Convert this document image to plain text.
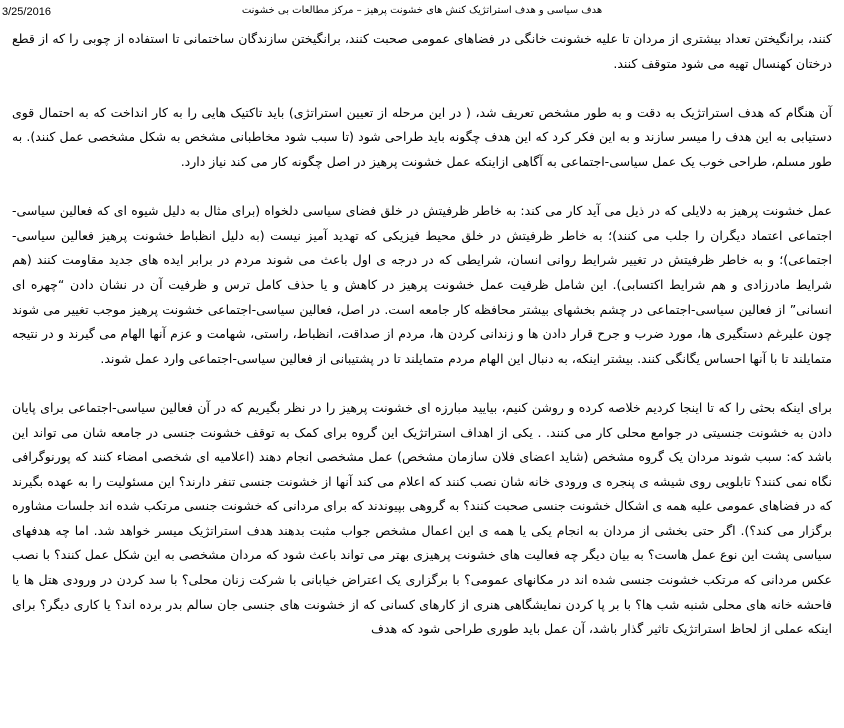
3/25/2016	هدف سیاسی و هدف استراتژیک کنش های خشونت پرهیز – مرکز مطالعات بی خشونت

کنند، برانگیختن تعداد بیشتری از مردان تا علیه خشونت خانگی در فضاهای عمومی صحبت کنند، برانگیختن سازندگان ساختمانی تا استفاده از چوبی را که از قطع درختان کهنسال تهیه می شود متوقف کنند.

آن هنگام که هدف استراتژیک به دقت و به طور مشخص تعریف شد، ( در این مرحله از تعیین استراتژی) باید تاکتیک هایی را به کار انداخت که به احتمال قوی دستیابی به این هدف را میسر سازند و به این فکر کرد که این هدف چگونه باید طراحی شود (تا سبب شود مخاطبانی مشخص به شکل مشخصی عمل کنند). به طور مسلم، طراحی خوب یک عمل سیاسی-اجتماعی به آگاهی ازاینکه عمل خشونت پرهیز در اصل چگونه کار می کند نیاز دارد.

عمل خشونت پرهیز به دلایلی که در ذیل می آید کار می کند: به خاطر ظرفیتش در خلق فضای سیاسی دلخواه (برای مثال به دلیل شیوه ای که فعالین سیاسی-اجتماعی اعتماد دیگران را جلب می کنند)؛ به خاطر ظرفیتش در خلق محیط فیزیکی که تهدید آمیز نیست (به دلیل انظباط خشونت پرهیز فعالین سیاسی-اجتماعی)؛ و به خاطر ظرفیتش در تغییر شرایط روانی انسان، شرایطی که در درجه ی اول باعث می شوند مردم در برابر ایده های جدید مقاومت کنند (هم شرایط مادرزادی و هم شرایط اکتسابی). این شامل ظرفیت عمل خشونت پرهیز در کاهش و یا حذف کامل ترس و ظرفیت آن در نشان دادن “چهره ای انسانی” از فعالین سیاسی-اجتماعی در چشم بخشهای بیشتر محافظه کار جامعه است. در اصل، فعالین سیاسی-اجتماعی خشونت پرهیز موجب تغییر می شوند چون علیرغم دستگیری ها، مورد ضرب و جرح قرار دادن ها و زندانی کردن ها، مردم از صداقت، انظباط، راستی، شهامت و عزم آنها الهام می گیرند و در نتیجه متمایلند تا با آنها احساس یگانگی کنند. بیشتر اینکه، به دنبال این الهام مردم متمایلند تا در پشتیبانی از فعالین سیاسی-اجتماعی وارد عمل شوند.

برای اینکه بحثی را که تا اینجا کردیم خلاصه کرده و روشن کنیم، بیایید مبارزه ای خشونت پرهیز را در نظر بگیریم که در آن فعالین سیاسی-اجتماعی برای پایان دادن به خشونت جنسیتی در جوامع محلی کار می کنند. . یکی از اهداف استراتژیک این گروه برای کمک به توقف خشونت جنسی در جامعه شان می تواند این باشد که: سبب شوند مردان یک گروه مشخص (شاید اعضای فلان سازمان مشخص) عمل مشخصی انجام دهند (اعلامیه ای شخصی امضاء کنند که پورنوگرافی نگاه نمی کنند؟ تابلویی روی شیشه ی پنجره ی ورودی خانه شان نصب کنند که اعلام می کند آنها از خشونت جنسی تنفر دارند؟ این مسئولیت را به عهده بگیرند که در فضاهای عمومی علیه همه ی اشکال خشونت جنسی صحبت کنند؟ به گروهی بپیوندند که برای مردانی که خشونت جنسی مرتکب شده اند جلسات مشاوره برگزار می کند؟). اگر حتی بخشی از مردان به انجام یکی یا همه ی این اعمال مشخص جواب مثبت بدهند هدف استراتژیک میسر خواهد شد. اما چه هدفهای سیاسی پشت این نوع عمل هاست؟ به بیان دیگر چه فعالیت های خشونت پرهیزی بهتر می تواند باعث شود که مردان مشخصی به این شکل عمل کنند؟ با نصب عکس مردانی که مرتکب خشونت جنسی شده اند در مکانهای عمومی؟ با برگزاری یک اعتراض خیابانی با شرکت زنان محلی؟ با سد کردن در ورودی هتل ها یا فاحشه خانه های محلی شنبه شب ها؟ با بر پا کردن نمایشگاهی هنری از کارهای کسانی که از خشونت های جنسی جان سالم بدر برده اند؟ یا کاری دیگر؟ برای اینکه عملی از لحاظ استراتژیک تاثیر گذار باشد، آن عمل باید طوری طراحی شود که هدف
